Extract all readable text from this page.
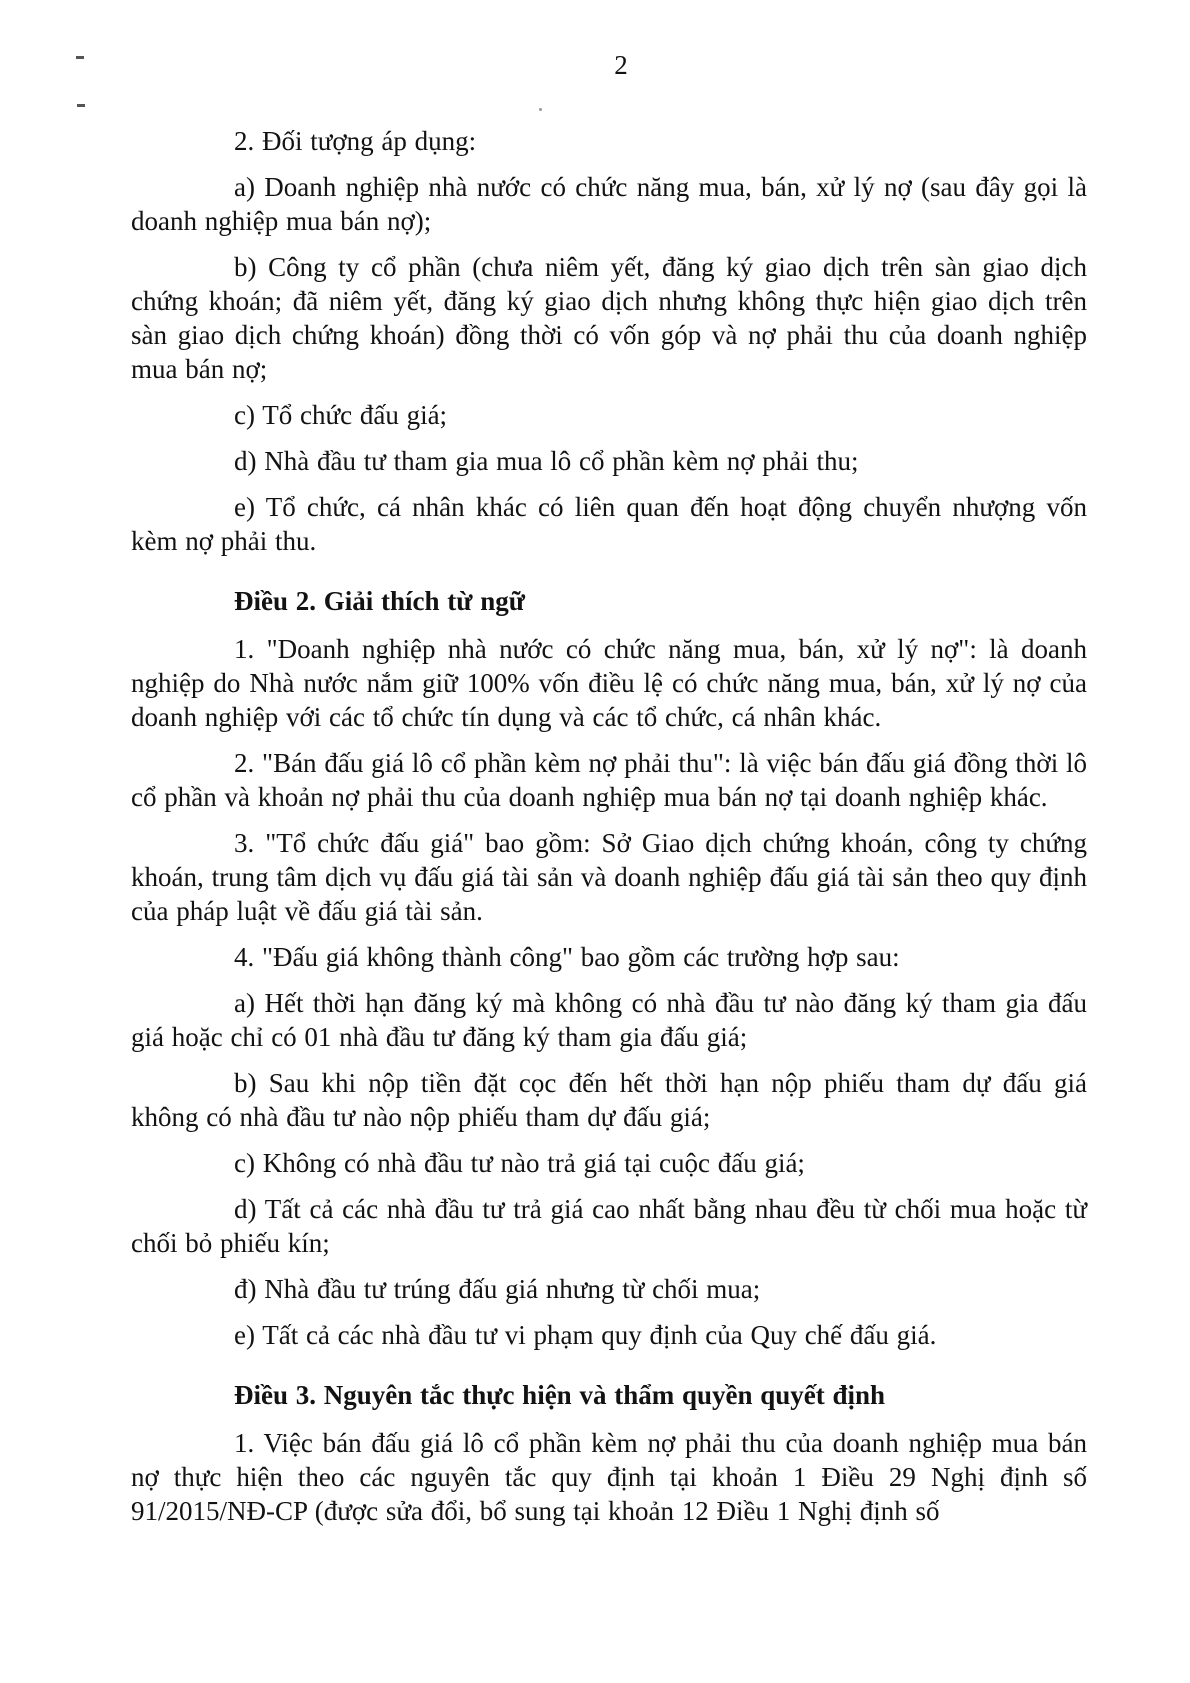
2

2. Đối tượng áp dụng:

a) Doanh nghiệp nhà nước có chức năng mua, bán, xử lý nợ (sau đây gọi là doanh nghiệp mua bán nợ);

b) Công ty cổ phần (chưa niêm yết, đăng ký giao dịch trên sàn giao dịch chứng khoán; đã niêm yết, đăng ký giao dịch nhưng không thực hiện giao dịch trên sàn giao dịch chứng khoán) đồng thời có vốn góp và nợ phải thu của doanh nghiệp mua bán nợ;

c) Tổ chức đấu giá;

d) Nhà đầu tư tham gia mua lô cổ phần kèm nợ phải thu;

e) Tổ chức, cá nhân khác có liên quan đến hoạt động chuyển nhượng vốn kèm nợ phải thu.

Điều 2. Giải thích từ ngữ

1. "Doanh nghiệp nhà nước có chức năng mua, bán, xử lý nợ": là doanh nghiệp do Nhà nước nắm giữ 100% vốn điều lệ có chức năng mua, bán, xử lý nợ của doanh nghiệp với các tổ chức tín dụng và các tổ chức, cá nhân khác.

2. "Bán đấu giá lô cổ phần kèm nợ phải thu": là việc bán đấu giá đồng thời lô cổ phần và khoản nợ phải thu của doanh nghiệp mua bán nợ tại doanh nghiệp khác.

3. "Tổ chức đấu giá" bao gồm: Sở Giao dịch chứng khoán, công ty chứng khoán, trung tâm dịch vụ đấu giá tài sản và doanh nghiệp đấu giá tài sản theo quy định của pháp luật về đấu giá tài sản.

4. "Đấu giá không thành công" bao gồm các trường hợp sau:

a) Hết thời hạn đăng ký mà không có nhà đầu tư nào đăng ký tham gia đấu giá hoặc chỉ có 01 nhà đầu tư đăng ký tham gia đấu giá;

b) Sau khi nộp tiền đặt cọc đến hết thời hạn nộp phiếu tham dự đấu giá không có nhà đầu tư nào nộp phiếu tham dự đấu giá;

c) Không có nhà đầu tư nào trả giá tại cuộc đấu giá;

d) Tất cả các nhà đầu tư trả giá cao nhất bằng nhau đều từ chối mua hoặc từ chối bỏ phiếu kín;

đ) Nhà đầu tư trúng đấu giá nhưng từ chối mua;

e) Tất cả các nhà đầu tư vi phạm quy định của Quy chế đấu giá.

Điều 3. Nguyên tắc thực hiện và thẩm quyền quyết định

1. Việc bán đấu giá lô cổ phần kèm nợ phải thu của doanh nghiệp mua bán nợ thực hiện theo các nguyên tắc quy định tại khoản 1 Điều 29 Nghị định số 91/2015/NĐ-CP (được sửa đổi, bổ sung tại khoản 12 Điều 1 Nghị định số
